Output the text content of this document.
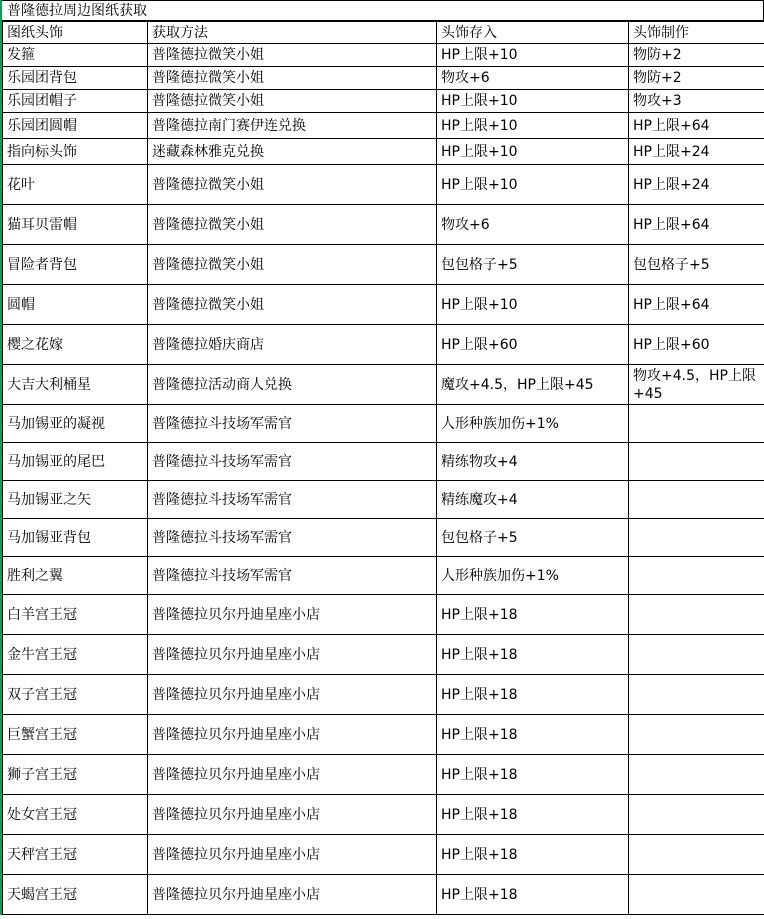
普隆德拉周边图纸获取
图纸头饰	获取方法	头饰存入	头饰制作
发箍	普隆德拉微笑小姐	HP上限+10	物防+2
乐园团背包	普隆德拉微笑小姐	物攻+6	物防+2
乐园团帽子	普隆德拉微笑小姐	HP上限+10	物攻+3
乐园团圆帽	普隆德拉南门赛伊连兑换	HP上限+10	HP上限+64
指向标头饰	迷藏森林雅克兑换	HP上限+10	HP上限+24
花叶	普隆德拉微笑小姐	HP上限+10	HP上限+24
猫耳贝雷帽	普隆德拉微笑小姐	物攻+6	HP上限+64
冒险者背包	普隆德拉微笑小姐	包包格子+5	包包格子+5
圆帽	普隆德拉微笑小姐	HP上限+10	HP上限+64
樱之花嫁	普隆德拉婚庆商店	HP上限+60	HP上限+60
大吉大利桶星	普隆德拉活动商人兑换	魔攻+4.5，HP上限+45	物攻+4.5，HP上限+45
马加锡亚的凝视	普隆德拉斗技场军需官	人形种族加伤+1%	
马加锡亚的尾巴	普隆德拉斗技场军需官	精练物攻+4	
马加锡亚之矢	普隆德拉斗技场军需官	精练魔攻+4	
马加锡亚背包	普隆德拉斗技场军需官	包包格子+5	
胜利之翼	普隆德拉斗技场军需官	人形种族加伤+1%	
白羊宫王冠	普隆德拉贝尔丹迪星座小店	HP上限+18	
金牛宫王冠	普隆德拉贝尔丹迪星座小店	HP上限+18	
双子宫王冠	普隆德拉贝尔丹迪星座小店	HP上限+18	
巨蟹宫王冠	普隆德拉贝尔丹迪星座小店	HP上限+18	
狮子宫王冠	普隆德拉贝尔丹迪星座小店	HP上限+18	
处女宫王冠	普隆德拉贝尔丹迪星座小店	HP上限+18	
天秤宫王冠	普隆德拉贝尔丹迪星座小店	HP上限+18	
天蝎宫王冠	普隆德拉贝尔丹迪星座小店	HP上限+18	
